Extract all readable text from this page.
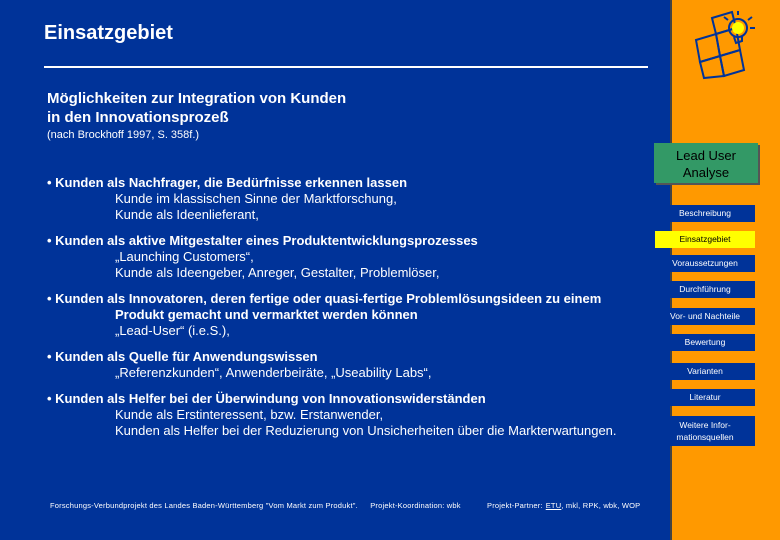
Einsatzgebiet
Möglichkeiten zur Integration von Kunden
in den Innovationsprozeß
(nach Brockhoff 1997, S. 358f.)
• Kunden als Nachfrager, die Bedürfnisse erkennen lassen
Kunde im klassischen Sinne der Marktforschung,
Kunde als Ideenlieferant,
• Kunden als aktive Mitgestalter eines Produktentwicklungsprozesses
„Launching Customers“,
Kunde als Ideengeber, Anreger, Gestalter, Problemlöser,
• Kunden als Innovatoren, deren fertige oder quasi-fertige Problemlösungsideen zu einem
Produkt gemacht und vermarktet werden können
„Lead-User“ (i.e.S.),
• Kunden als Quelle für Anwendungswissen
„Referenzkunden“, Anwenderbeiräte, „Useability Labs“,
• Kunden als Helfer bei der Überwindung von Innovationswiderständen
Kunde als Erstinteressent, bzw. Erstanwender,
Kunden als Helfer bei der Reduzierung von Unsicherheiten über die Markterwartungen.
Forschungs-Verbundprojekt des Landes Baden-Württemberg "Vom Markt zum Produkt". Projekt-Koordination: wbk	Projekt-Partner: ETU, mkl, RPK, wbk, WOP
Lead User
Analyse
Beschreibung
Einsatzgebiet
Voraussetzungen
Durchführung
Vor- und Nachteile
Bewertung
Varianten
Literatur
Weitere Infor-
mationsquellen
